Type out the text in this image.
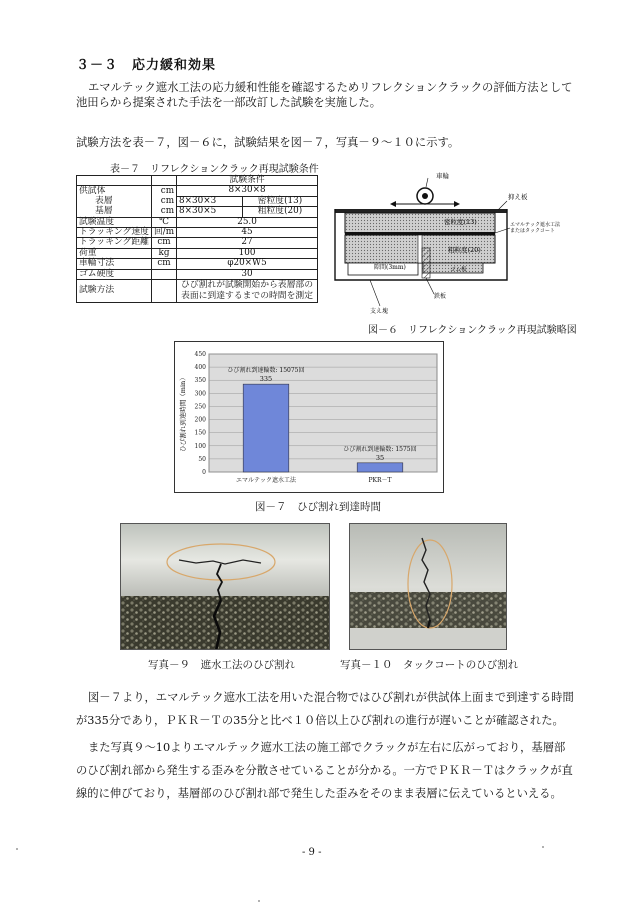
３－３　応力緩和効果
エマルテック遮水工法の応力緩和性能を確認するためリフレクションクラックの評価方法として池田らから提案された手法を一部改訂した試験を実施した。
試験方法を表－７，図－６に，試験結果を図－７，写真－９～１０に示す。
表－７　リフレクションクラック再現試験条件
		試験条件	
供試体	cm	8×30×8	
表層	cm	8×30×3	密粒度(13)
基層	cm	8×30×5	粗粒度(20)
試験温度	℃	25.0	
トラッキング速度	回/m	45	
トラッキング距離	cm	27	
荷重	kg	100	
車輪寸法	cm	φ20×W5	
ゴム硬度		30	
試験方法		ひび割れが試験開始から表層部の
表面に到達するまでの時間を測定	
車輪
抑え板
密粒度(13)	エマルテック遮水工法
またはタックコート
粗粒度(20)
隙間(3mm)	ゴム板
支え塊
鉄板
図－６　リフレクションクラック再現試験略図
0
50
100
150
200
250
300
350
400
450
335
ひび割れ到達輪数: 15075回
35
ひび割れ到達輪数: 1575回
エマルテック遮水工法	PKR－T
ひび割れ到達時間（min）
図－７　ひび割れ到達時間
写真－９　遮水工法のひび割れ	写真－１０　タックコートのひび割れ
図－７より，エマルテック遮水工法を用いた混合物ではひび割れが供試体上面まで到達する時間が335分であり，ＰＫＲ－Ｔの35分と比べ１０倍以上ひび割れの進行が遅いことが確認された。
また写真９～10よりエマルテック遮水工法の施工部でクラックが左右に広がっており，基層部のひび割れ部から発生する歪みを分散させていることが分かる。一方でＰＫＲ－Ｔはクラックが直線的に伸びており，基層部のひび割れ部で発生した歪みをそのまま表層に伝えているといえる。
- 9 -
